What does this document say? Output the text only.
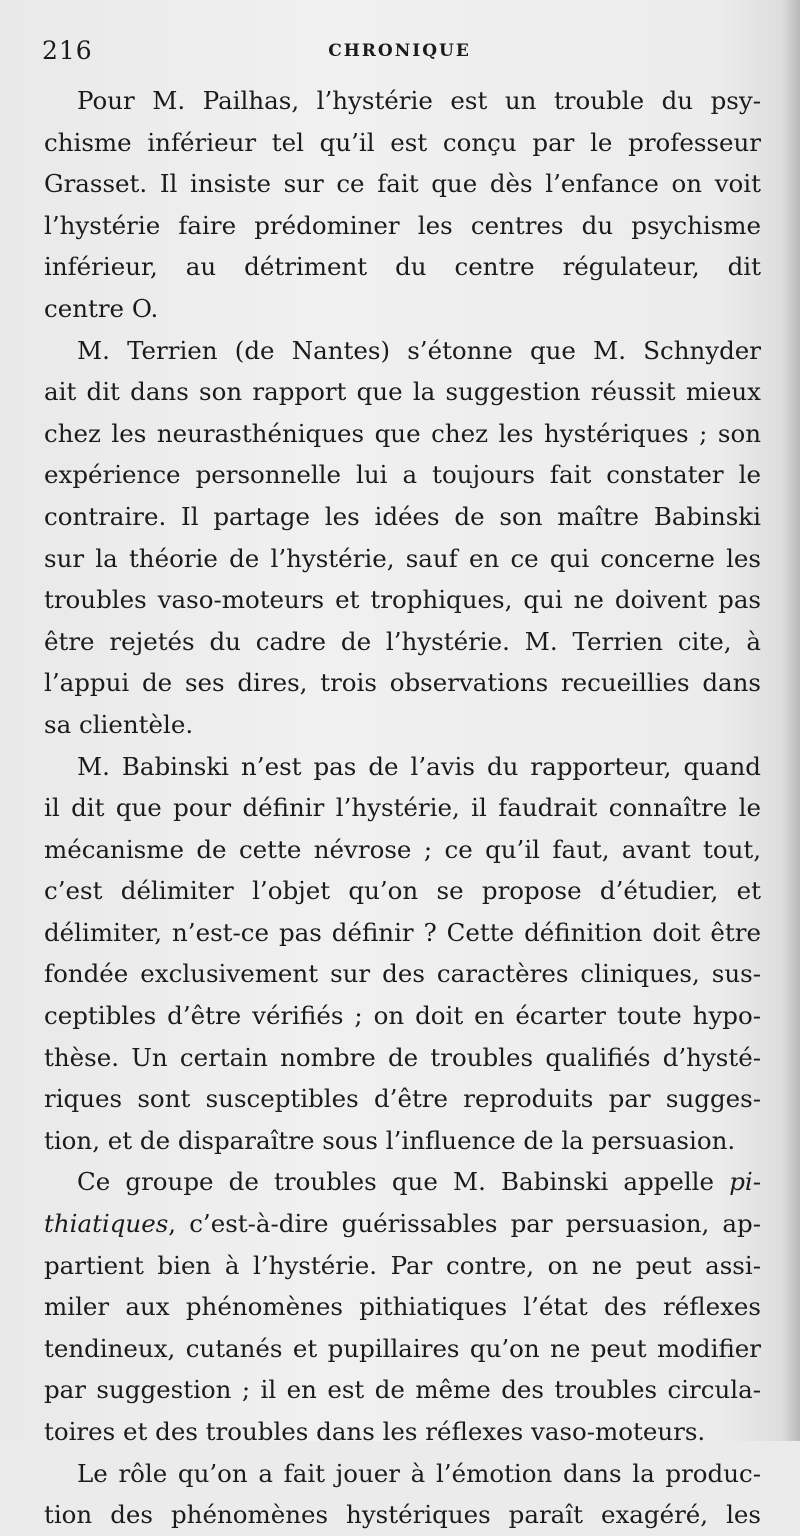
216	CHRONIQUE
Pour M. Pailhas, l’hystérie est un trouble du psy-
chisme inférieur tel qu’il est conçu par le professeur
Grasset. Il insiste sur ce fait que dès l’enfance on voit
l’hystérie faire prédominer les centres du psychisme
inférieur, au détriment du centre régulateur, dit
centre O.
M. Terrien (de Nantes) s’étonne que M. Schnyder
ait dit dans son rapport que la suggestion réussit mieux
chez les neurasthéniques que chez les hystériques ; son
expérience personnelle lui a toujours fait constater le
contraire. Il partage les idées de son maître Babinski
sur la théorie de l’hystérie, sauf en ce qui concerne les
troubles vaso-moteurs et trophiques, qui ne doivent pas
être rejetés du cadre de l’hystérie. M. Terrien cite, à
l’appui de ses dires, trois observations recueillies dans
sa clientèle.
M. Babinski n’est pas de l’avis du rapporteur, quand
il dit que pour définir l’hystérie, il faudrait connaître le
mécanisme de cette névrose ; ce qu’il faut, avant tout,
c’est délimiter l’objet qu’on se propose d’étudier, et
délimiter, n’est-ce pas définir ? Cette définition doit être
fondée exclusivement sur des caractères cliniques, sus-
ceptibles d’être vérifiés ; on doit en écarter toute hypo-
thèse. Un certain nombre de troubles qualifiés d’hysté-
riques sont susceptibles d’être reproduits par sugges-
tion, et de disparaître sous l’influence de la persuasion.
Ce groupe de troubles que M. Babinski appelle pi-
thiatiques, c’est-à-dire guérissables par persuasion, ap-
partient bien à l’hystérie. Par contre, on ne peut assi-
miler aux phénomènes pithiatiques l’état des réflexes
tendineux, cutanés et pupillaires qu’on ne peut modifier
par suggestion ; il en est de même des troubles circula-
toires et des troubles dans les réflexes vaso-moteurs.
Le rôle qu’on a fait jouer à l’émotion dans la produc-
tion des phénomènes hystériques paraît exagéré, les
